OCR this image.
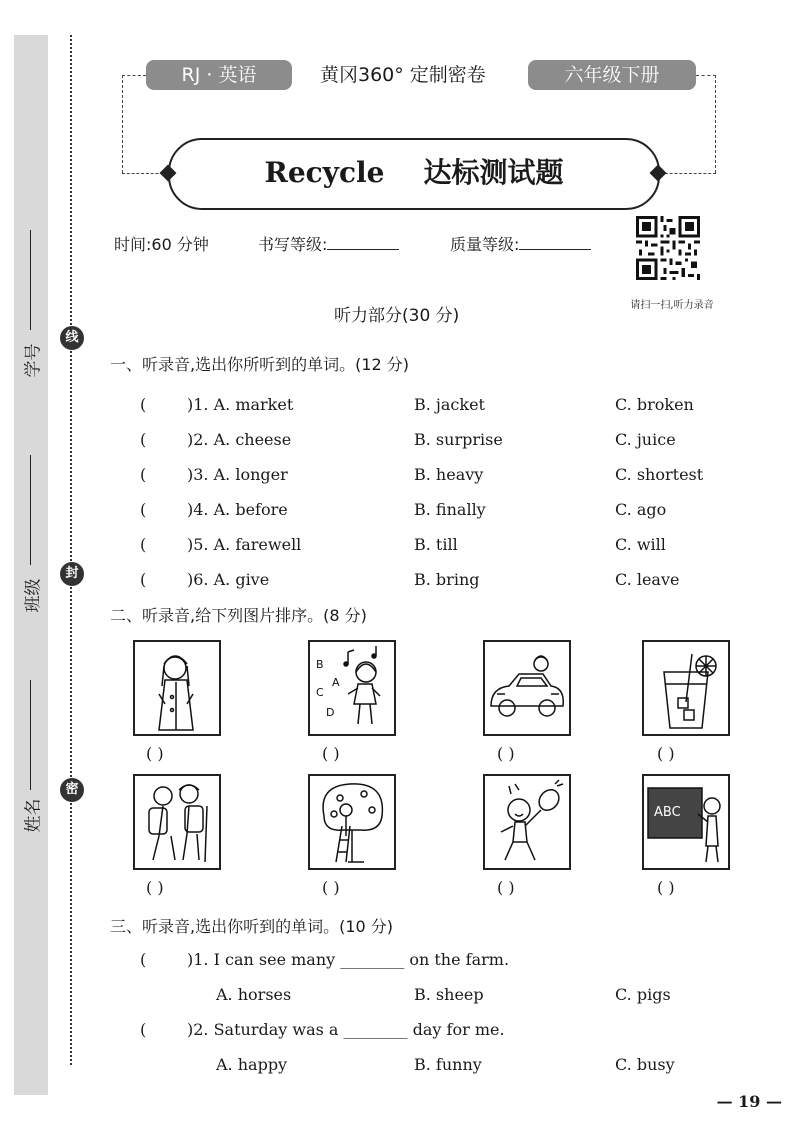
学号
班级
姓名
线
封
密
RJ · 英语	黄冈360° 定制密卷	六年级下册
Recycle    达标测试题
时间:60 分钟	书写等级:	质量等级:
请扫一扫,听力录音
听力部分(30 分)
一、听录音,选出你所听到的单词。(12 分)
(	)1. A. market	B. jacket	C. broken
(	)2. A. cheese	B. surprise	C. juice
(	)3. A. longer	B. heavy	C. shortest
(	)4. A. before	B. finally	C. ago
(	)5. A. farewell	B. till	C. will
(	)6. A. give	B. bring	C. leave
二、听录音,给下列图片排序。(8 分)
B
C
A
D
( )	( )	( )	( )
ABC
( )	( )	( )	( )
三、听录音,选出你听到的单词。(10 分)
(	)1. I can see many ________ on the farm.
A. horses	B. sheep	C. pigs
(	)2. Saturday was a ________ day for me.
A. happy	B. funny	C. busy
— 19 —
